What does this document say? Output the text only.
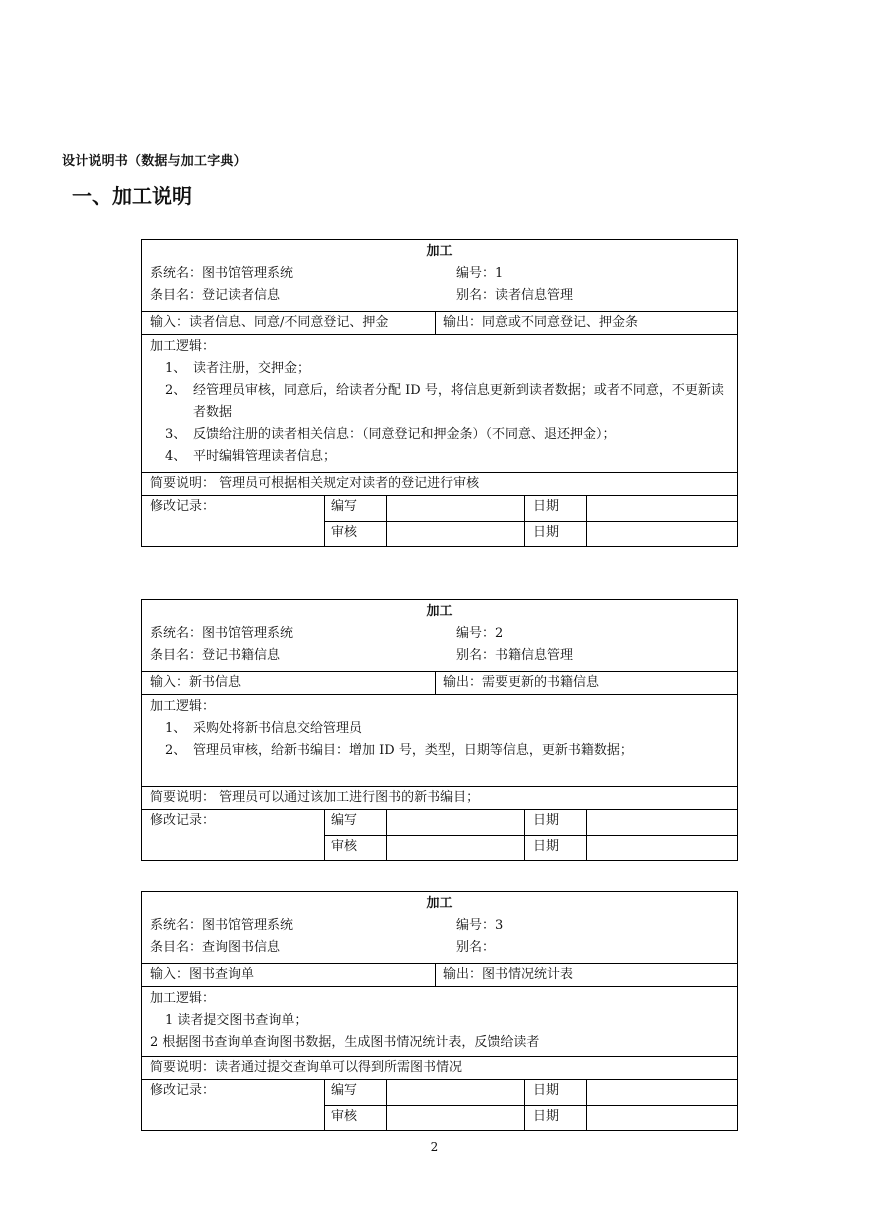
设计说明书（数据与加工字典）
一、加工说明
加工
系统名：图书馆管理系统	编号：1
条目名：登记读者信息	别名：读者信息管理
输入：读者信息、同意/不同意登记、押金	输出：同意或不同意登记、押金条
加工逻辑：
1、 读者注册，交押金；
2、 经管理员审核，同意后，给读者分配 ID 号，将信息更新到读者数据；或者不同意，不更新读者数据
3、 反馈给注册的读者相关信息：（同意登记和押金条）（不同意、退还押金）；
4、 平时编辑管理读者信息；
简要说明： 管理员可根据相关规定对读者的登记进行审核
修改记录：	编写	日期
审核	日期
加工
系统名：图书馆管理系统	编号：2
条目名：登记书籍信息	别名：书籍信息管理
输入：新书信息	输出：需要更新的书籍信息
加工逻辑：
1、 采购处将新书信息交给管理员
2、 管理员审核，给新书编目：增加 ID 号，类型，日期等信息，更新书籍数据；
简要说明： 管理员可以通过该加工进行图书的新书编目；
修改记录：	编写	日期
审核	日期
加工
系统名：图书馆管理系统	编号：3
条目名：查询图书信息	别名：
输入：图书查询单	输出：图书情况统计表
加工逻辑：
1 读者提交图书查询单；
2 根据图书查询单查询图书数据，生成图书情况统计表，反馈给读者
简要说明：读者通过提交查询单可以得到所需图书情况
修改记录：	编写	日期
审核	日期
2
